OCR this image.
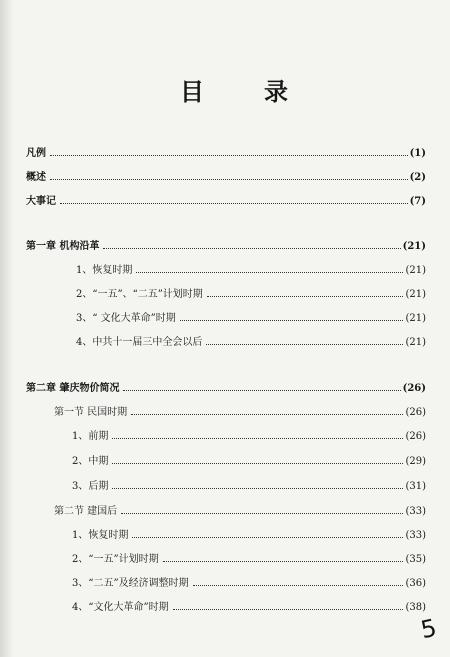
目 录
凡例	(1)
概述	(2)
大事记	(7)
第一章 机构沿革	(21)
1、恢复时期	(21)
2、“一五”、“二五”计划时期	(21)
3、“ 文化大革命”时期	(21)
4、中共十一届三中全会以后	(21)
第二章 肇庆物价简况	(26)
第一节 民国时期	(26)
1、前期	(26)
2、中期	(29)
3、后期	(31)
第二节 建国后	(33)
1、恢复时期	(33)
2、“一五”计划时期	(35)
3、“二五”及经济调整时期	(36)
4、“文化大革命”时期	(38)
5
